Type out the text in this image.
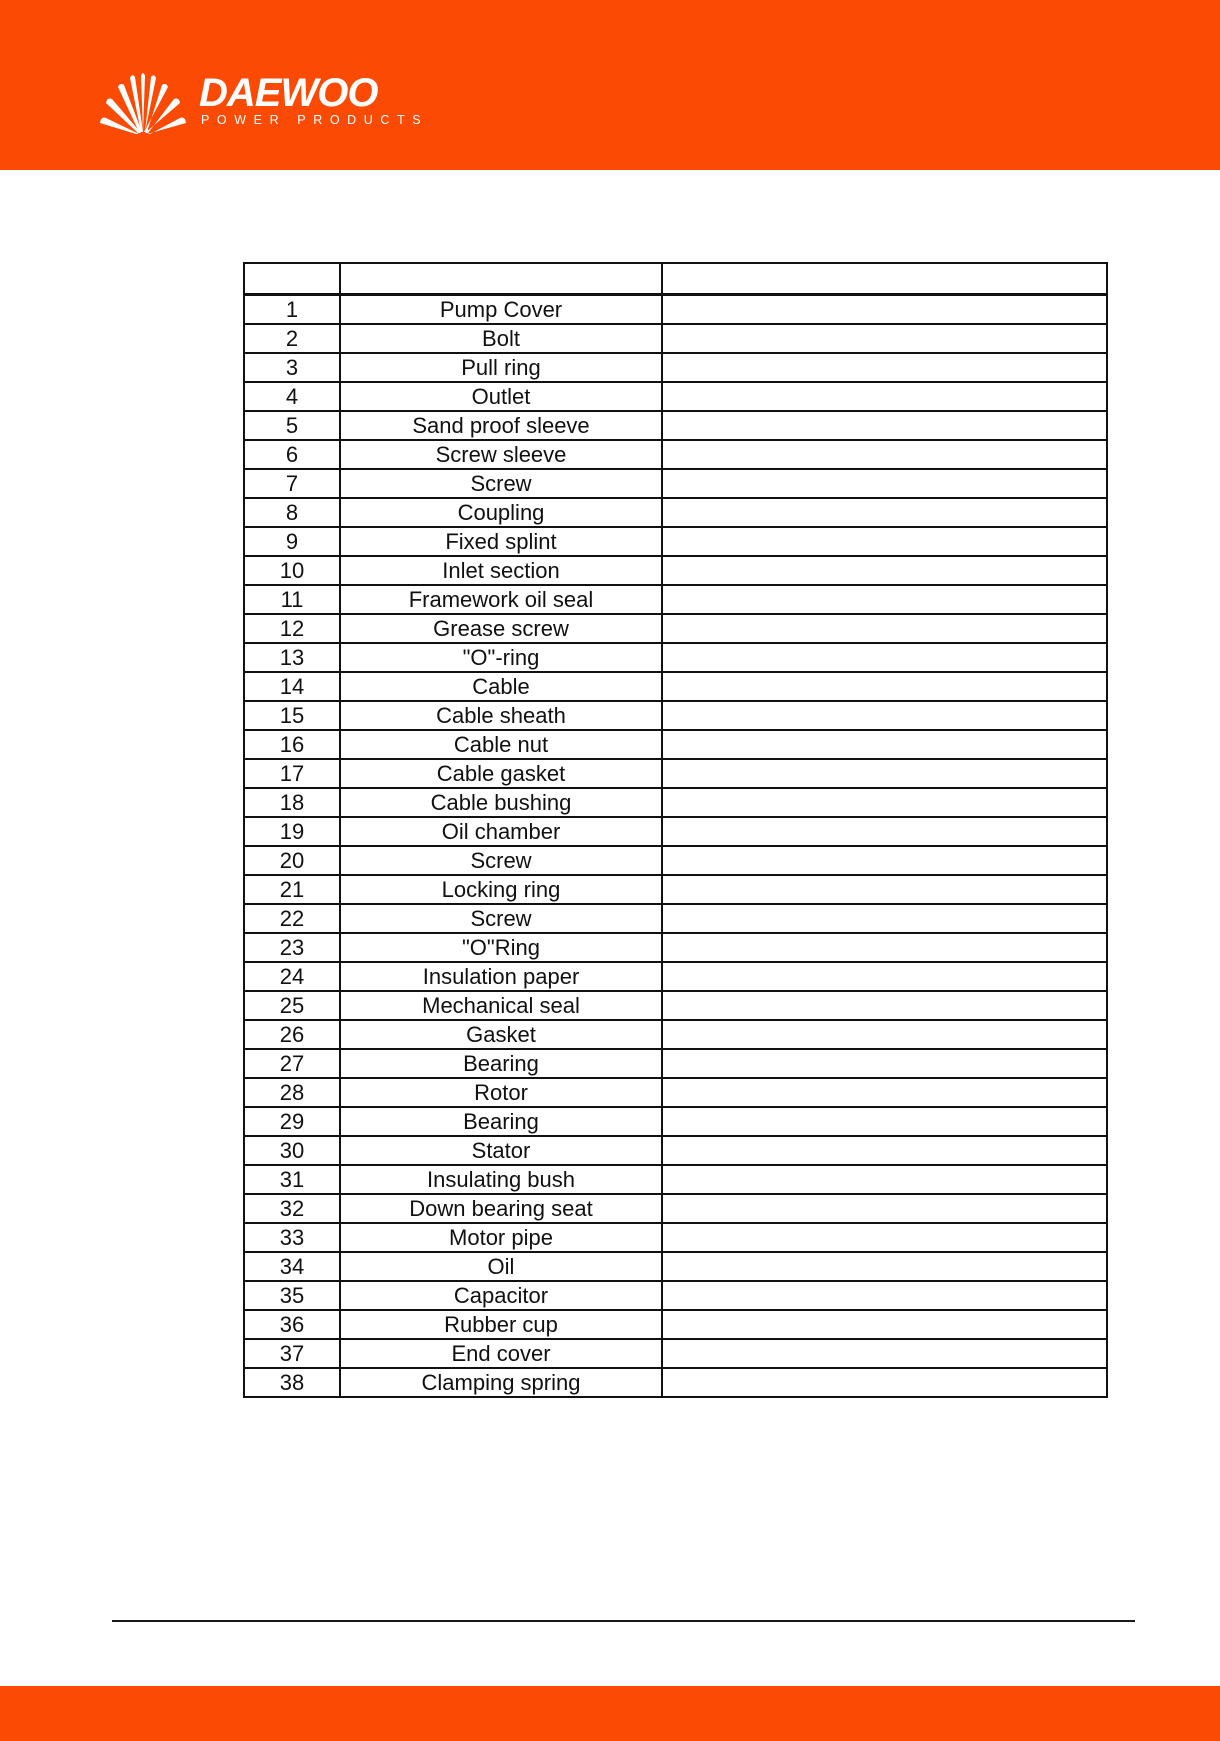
DAEWOO
POWER PRODUCTS

1	Pump Cover	
2	Bolt	
3	Pull ring	
4	Outlet	
5	Sand proof sleeve	
6	Screw sleeve	
7	Screw	
8	Coupling	
9	Fixed splint	
10	Inlet section	
11	Framework oil seal	
12	Grease screw	
13	"O"-ring	
14	Cable	
15	Cable sheath	
16	Cable nut	
17	Cable gasket	
18	Cable bushing	
19	Oil chamber	
20	Screw	
21	Locking ring	
22	Screw	
23	"O"Ring	
24	Insulation paper	
25	Mechanical seal	
26	Gasket	
27	Bearing	
28	Rotor	
29	Bearing	
30	Stator	
31	Insulating bush	
32	Down bearing seat	
33	Motor pipe	
34	Oil	
35	Capacitor	
36	Rubber cup	
37	End cover	
38	Clamping spring	
